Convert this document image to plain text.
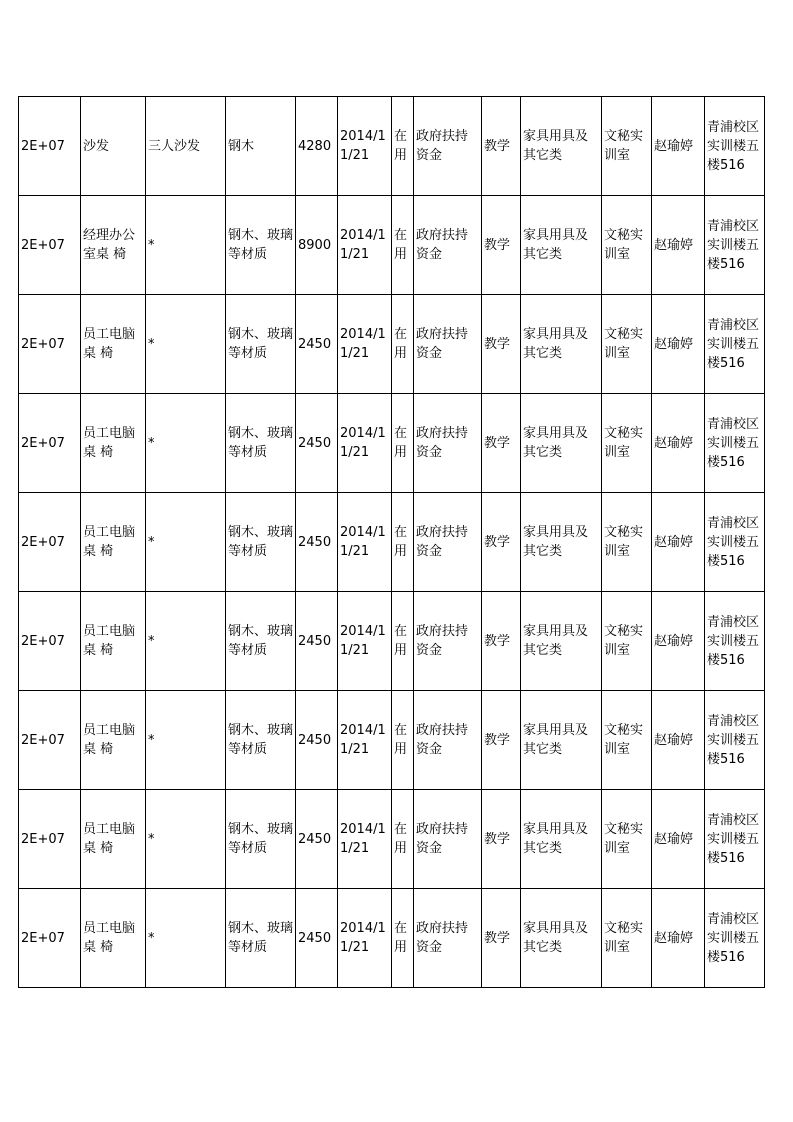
2E+07	沙发	三人沙发	钢木	4280	2014/11/21	在用	政府扶持资金	教学	家具用具及其它类	文秘实训室	赵瑜婷	青浦校区实训楼五楼516
2E+07	经理办公室桌 椅	*	钢木、玻璃等材质	8900	2014/11/21	在用	政府扶持资金	教学	家具用具及其它类	文秘实训室	赵瑜婷	青浦校区实训楼五楼516
2E+07	员工电脑桌 椅	*	钢木、玻璃等材质	2450	2014/11/21	在用	政府扶持资金	教学	家具用具及其它类	文秘实训室	赵瑜婷	青浦校区实训楼五楼516
2E+07	员工电脑桌 椅	*	钢木、玻璃等材质	2450	2014/11/21	在用	政府扶持资金	教学	家具用具及其它类	文秘实训室	赵瑜婷	青浦校区实训楼五楼516
2E+07	员工电脑桌 椅	*	钢木、玻璃等材质	2450	2014/11/21	在用	政府扶持资金	教学	家具用具及其它类	文秘实训室	赵瑜婷	青浦校区实训楼五楼516
2E+07	员工电脑桌 椅	*	钢木、玻璃等材质	2450	2014/11/21	在用	政府扶持资金	教学	家具用具及其它类	文秘实训室	赵瑜婷	青浦校区实训楼五楼516
2E+07	员工电脑桌 椅	*	钢木、玻璃等材质	2450	2014/11/21	在用	政府扶持资金	教学	家具用具及其它类	文秘实训室	赵瑜婷	青浦校区实训楼五楼516
2E+07	员工电脑桌 椅	*	钢木、玻璃等材质	2450	2014/11/21	在用	政府扶持资金	教学	家具用具及其它类	文秘实训室	赵瑜婷	青浦校区实训楼五楼516
2E+07	员工电脑桌 椅	*	钢木、玻璃等材质	2450	2014/11/21	在用	政府扶持资金	教学	家具用具及其它类	文秘实训室	赵瑜婷	青浦校区实训楼五楼516
